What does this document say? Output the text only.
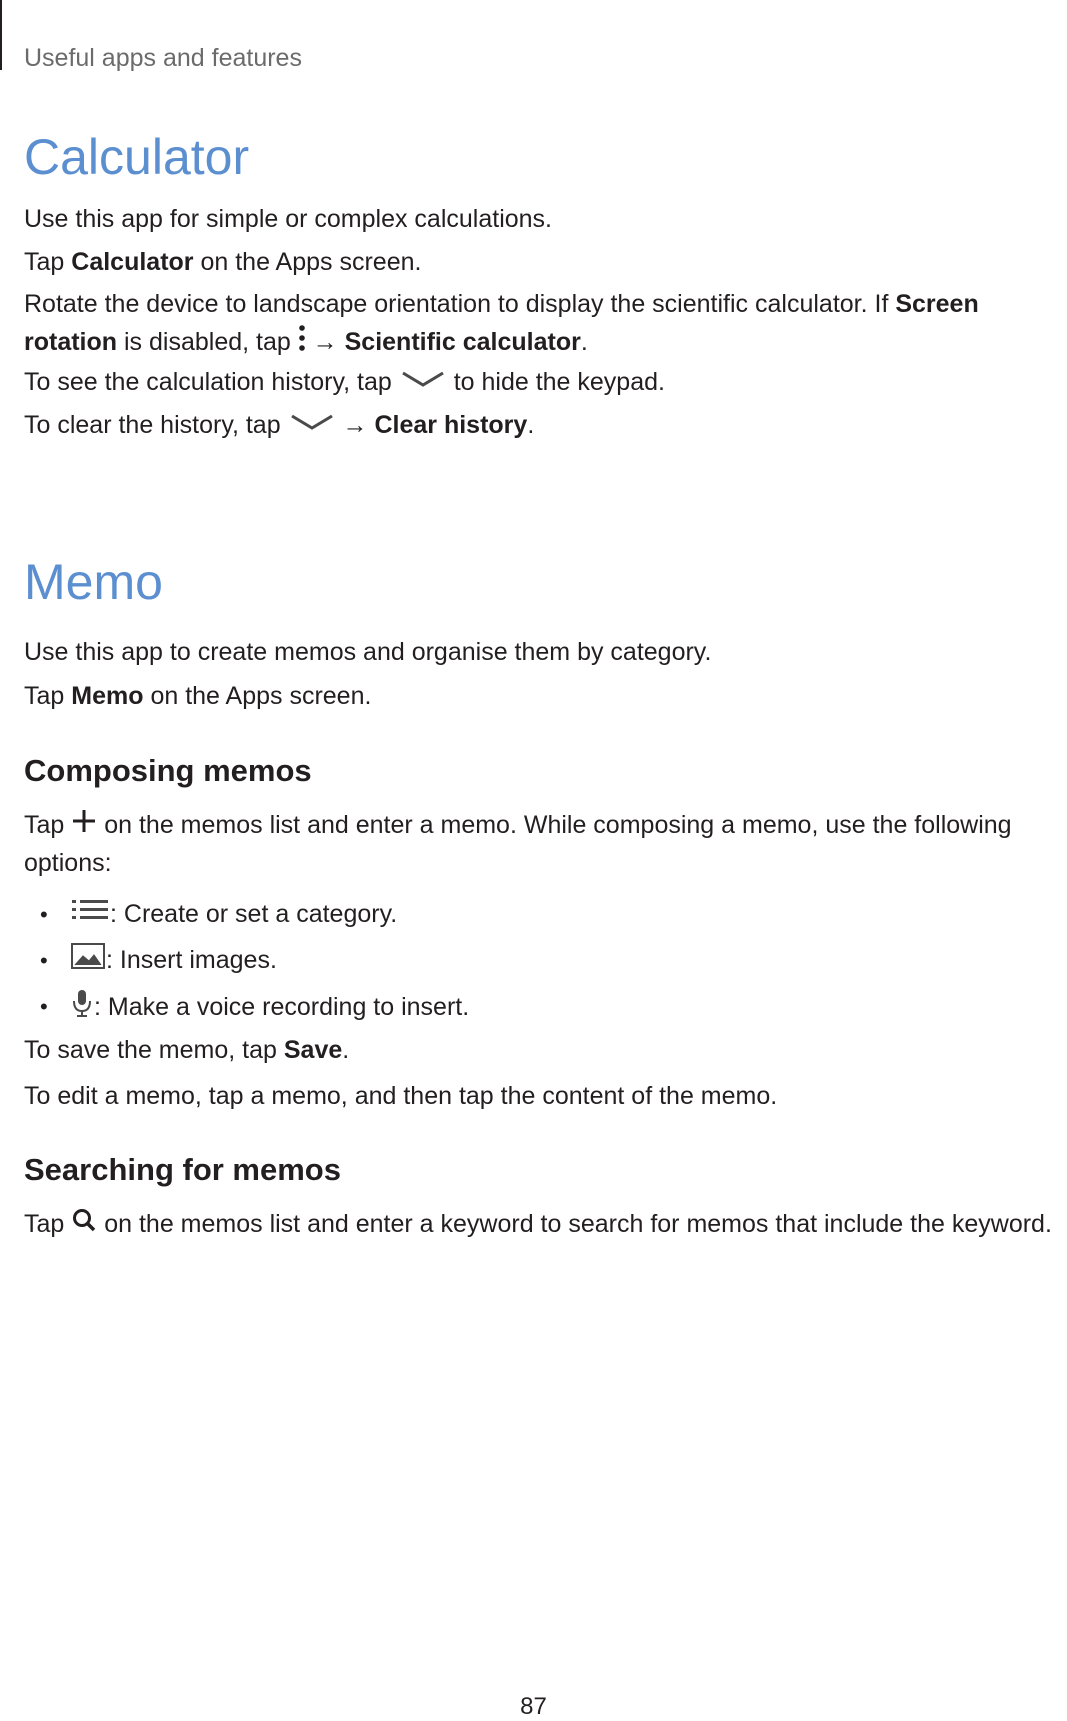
Useful apps and features
Calculator
Use this app for simple or complex calculations.
Tap Calculator on the Apps screen.
Rotate the device to landscape orientation to display the scientific calculator. If Screen rotation is disabled, tap  → Scientific calculator.
To see the calculation history, tap  to hide the keypad.
To clear the history, tap  → Clear history.
Memo
Use this app to create memos and organise them by category.
Tap Memo on the Apps screen.
Composing memos
Tap  on the memos list and enter a memo. While composing a memo, use the following options:
•	: Create or set a category.
•	: Insert images.
•	: Make a voice recording to insert.
To save the memo, tap Save.
To edit a memo, tap a memo, and then tap the content of the memo.
Searching for memos
Tap  on the memos list and enter a keyword to search for memos that include the keyword.
87
